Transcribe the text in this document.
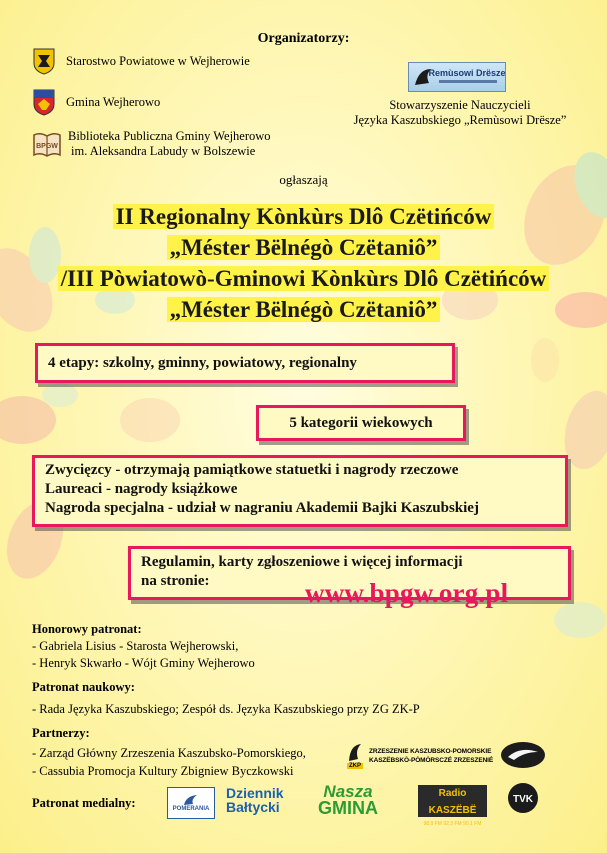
Organizatorzy:
Starostwo Powiatowe w Wejherowie
Gmina Wejherowo
BPGW
Biblioteka Publiczna Gminy Wejherowo
im. Aleksandra Labudy w Bolszewie
Remùsowi Drësze
Stowarzyszenie Nauczycieli
Języka Kaszubskiego „Remùsowi Drësze”
ogłaszają
II Regionalny Kònkùrs Dlô Czëtińców
„Méster Bëlnégò Czëtaniô”
/III Pòwiatowò-Gminowi Kònkùrs Dlô Czëtińców
„Méster Bëlnégò Czëtaniô”
4 etapy: szkolny, gminny, powiatowy, regionalny
5 kategorii wiekowych
Zwycięzcy - otrzymają pamiątkowe statuetki i nagrody rzeczowe
Laureaci - nagrody książkowe
Nagroda specjalna - udział w nagraniu Akademii Bajki Kaszubskiej
Regulamin, karty zgłoszeniowe i więcej informacji
na stronie:	www.bpgw.org.pl
Honorowy patronat:
- Gabriela Lisius - Starosta Wejherowski,
- Henryk Skwarło - Wójt Gminy Wejherowo
Patronat naukowy:
- Rada Języka Kaszubskiego; Zespół ds. Języka Kaszubskiego przy ZG ZK-P
Partnerzy:
- Zarząd Główny Zrzeszenia Kaszubsko-Pomorskiego,
- Cassubia Promocja Kultury Zbigniew Byczkowski	ZKP
ZRZESZENIE KASZUBSKO-POMORSKIE
KASZËBSKÒ-PÒMÒRSCZÉ ZRZESZENIÉ
Patronat medialny:	POMERANIA
Dziennik
Bałtycki
Nasza
GMINA
Radio KASZËBË
98,9 FM 92,3 FM 90,1 FM
TVK
